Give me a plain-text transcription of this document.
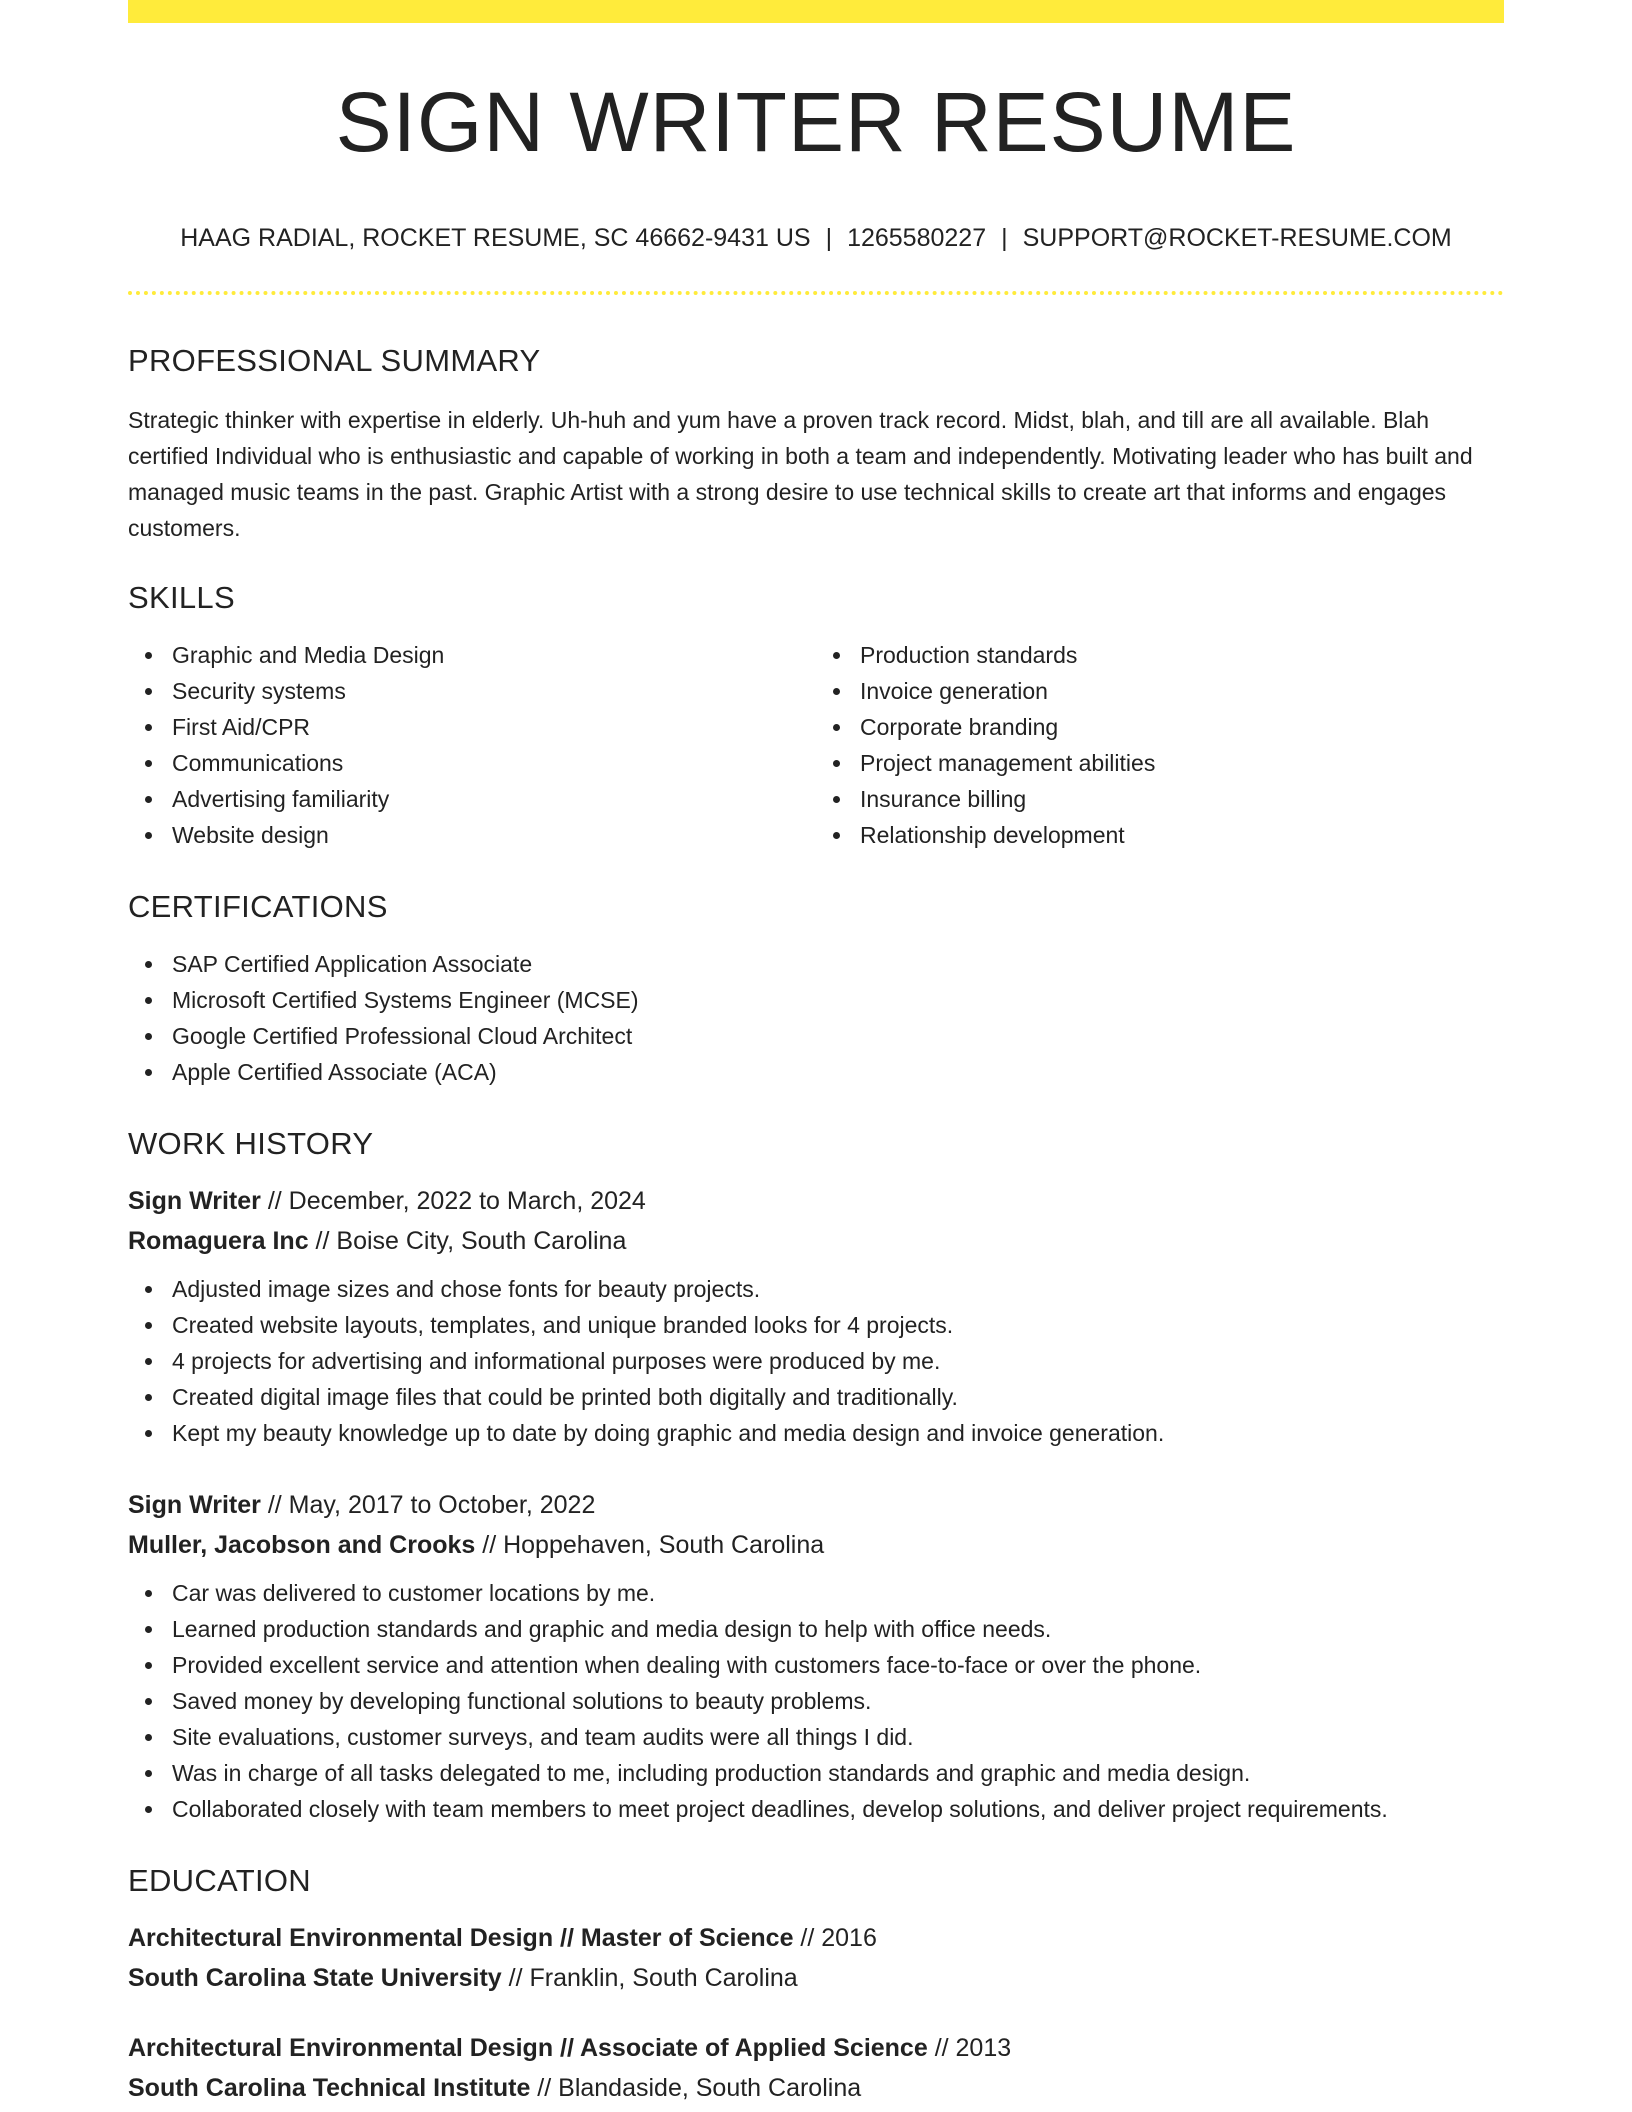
SIGN WRITER RESUME
HAAG RADIAL, ROCKET RESUME, SC 46662-9431 US | 1265580227 | SUPPORT@ROCKET-RESUME.COM
PROFESSIONAL SUMMARY

Strategic thinker with expertise in elderly. Uh-huh and yum have a proven track record. Midst, blah, and till are all available. Blah certified Individual who is enthusiastic and capable of working in both a team and independently. Motivating leader who has built and managed music teams in the past. Graphic Artist with a strong desire to use technical skills to create art that informs and engages customers.

SKILLS
Graphic and Media Design
Security systems
First Aid/CPR
Communications
Advertising familiarity
Website design
Production standards
Invoice generation
Corporate branding
Project management abilities
Insurance billing
Relationship development
CERTIFICATIONS
SAP Certified Application Associate
Microsoft Certified Systems Engineer (MCSE)
Google Certified Professional Cloud Architect
Apple Certified Associate (ACA)
WORK HISTORY
Sign Writer // December, 2022 to March, 2024
Romaguera Inc // Boise City, South Carolina
Adjusted image sizes and chose fonts for beauty projects.
Created website layouts, templates, and unique branded looks for 4 projects.
4 projects for advertising and informational purposes were produced by me.
Created digital image files that could be printed both digitally and traditionally.
Kept my beauty knowledge up to date by doing graphic and media design and invoice generation.
Sign Writer // May, 2017 to October, 2022
Muller, Jacobson and Crooks // Hoppehaven, South Carolina
Car was delivered to customer locations by me.
Learned production standards and graphic and media design to help with office needs.
Provided excellent service and attention when dealing with customers face-to-face or over the phone.
Saved money by developing functional solutions to beauty problems.
Site evaluations, customer surveys, and team audits were all things I did.
Was in charge of all tasks delegated to me, including production standards and graphic and media design.
Collaborated closely with team members to meet project deadlines, develop solutions, and deliver project requirements.
EDUCATION
Architectural Environmental Design // Master of Science // 2016
South Carolina State University // Franklin, South Carolina
Architectural Environmental Design // Associate of Applied Science // 2013
South Carolina Technical Institute // Blandaside, South Carolina
